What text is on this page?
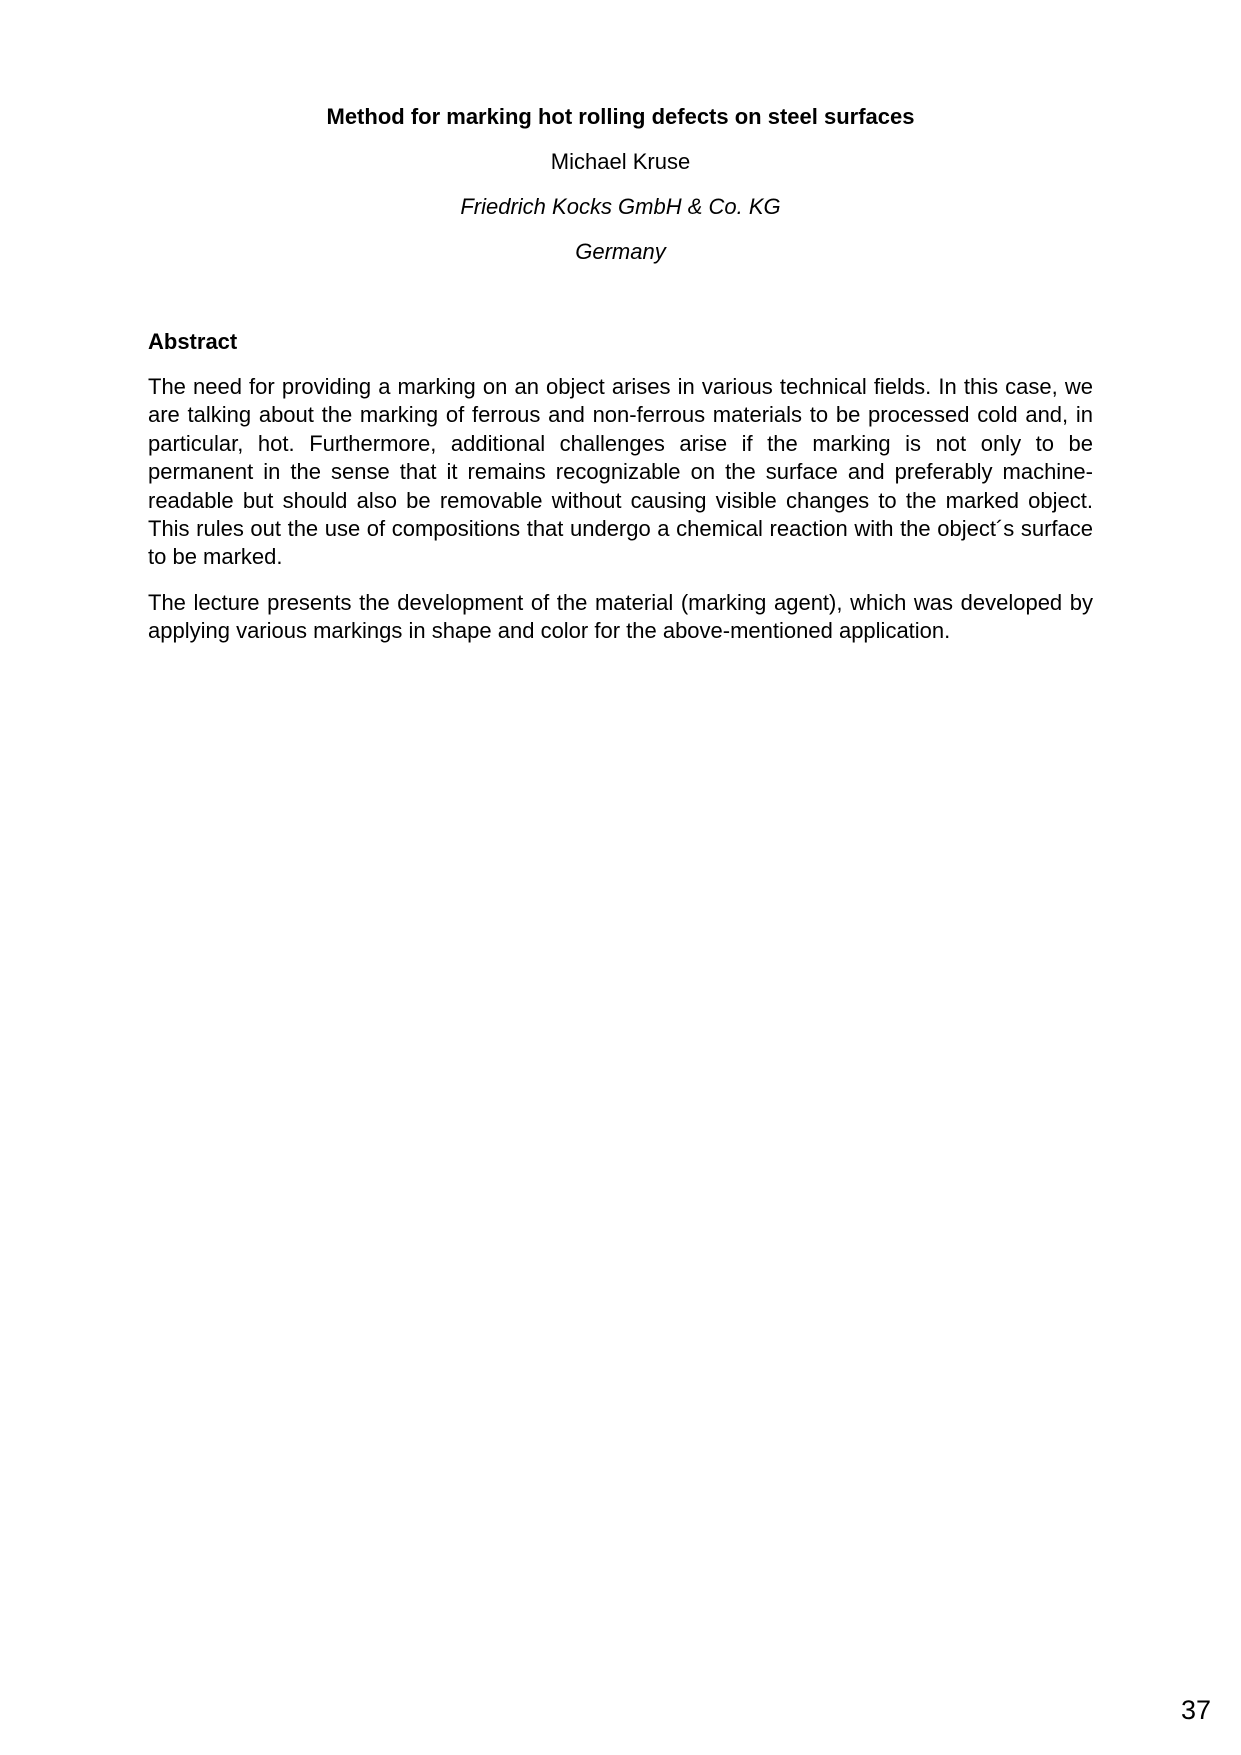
Method for marking hot rolling defects on steel surfaces
Michael Kruse
Friedrich Kocks GmbH & Co. KG
Germany
Abstract

The need for providing a marking on an object arises in various technical fields. In this case, we are talking about the marking of ferrous and non-ferrous materials to be processed cold and, in particular, hot. Furthermore, additional challenges arise if the marking is not only to be permanent in the sense that it remains recognizable on the surface and preferably machine-readable but should also be removable without causing visible changes to the marked object. This rules out the use of compositions that undergo a chemical reaction with the object´s surface to be marked.

The lecture presents the development of the material (marking agent), which was developed by applying various markings in shape and color for the above-mentioned application.

37
